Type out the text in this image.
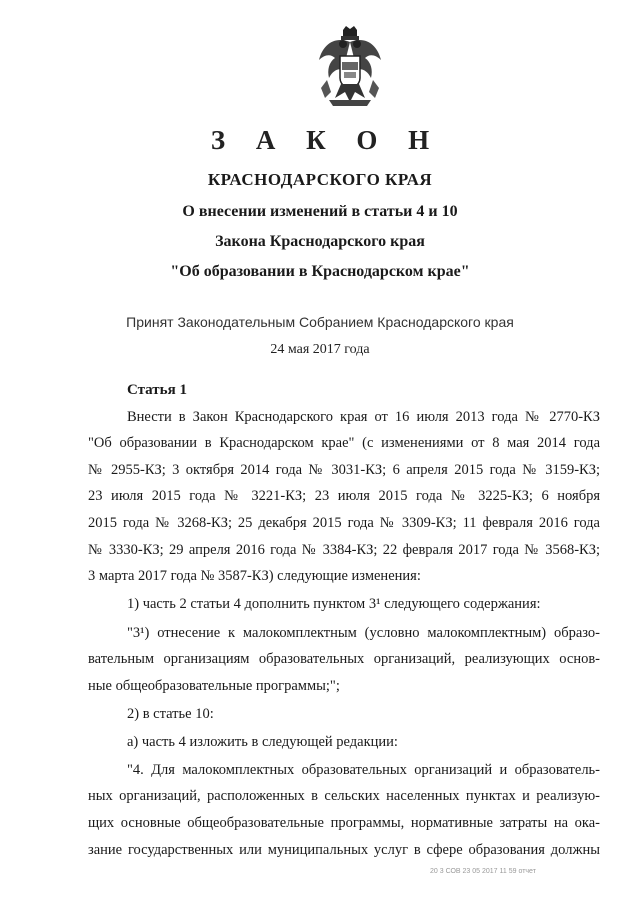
З А К О Н
КРАСНОДАРСКОГО КРАЯ
О внесении изменений в статьи 4 и 10
Закона Краснодарского края
"Об образовании в Краснодарском крае"
Принят Законодательным Собранием Краснодарского края
24 мая 2017 года
Статья 1
Внести в Закон Краснодарского края от 16 июля 2013 года № 2770-КЗ
"Об образовании в Краснодарском крае" (с изменениями от 8 мая 2014 года
№ 2955-КЗ; 3 октября 2014 года № 3031-КЗ; 6 апреля 2015 года № 3159-КЗ;
23 июля 2015 года № 3221-КЗ; 23 июля 2015 года № 3225-КЗ; 6 ноября
2015 года № 3268-КЗ; 25 декабря 2015 года № 3309-КЗ; 11 февраля 2016 года
№ 3330-КЗ; 29 апреля 2016 года № 3384-КЗ; 22 февраля 2017 года № 3568-КЗ;
3 марта 2017 года № 3587-КЗ) следующие изменения:
1) часть 2 статьи 4 дополнить пунктом 3¹ следующего содержания:
"3¹) отнесение к малокомплектным (условно малокомплектным) образо-
вательным организациям образовательных организаций, реализующих основ-
ные общеобразовательные программы;";
2) в статье 10:
а) часть 4 изложить в следующей редакции:
"4. Для малокомплектных образовательных организаций и образователь-
ных организаций, расположенных в сельских населенных пунктах и реализую-
щих основные общеобразовательные программы, нормативные затраты на ока-
зание государственных или муниципальных услуг в сфере образования должны
20 3 СОВ 23 05 2017 11 59 отчет
